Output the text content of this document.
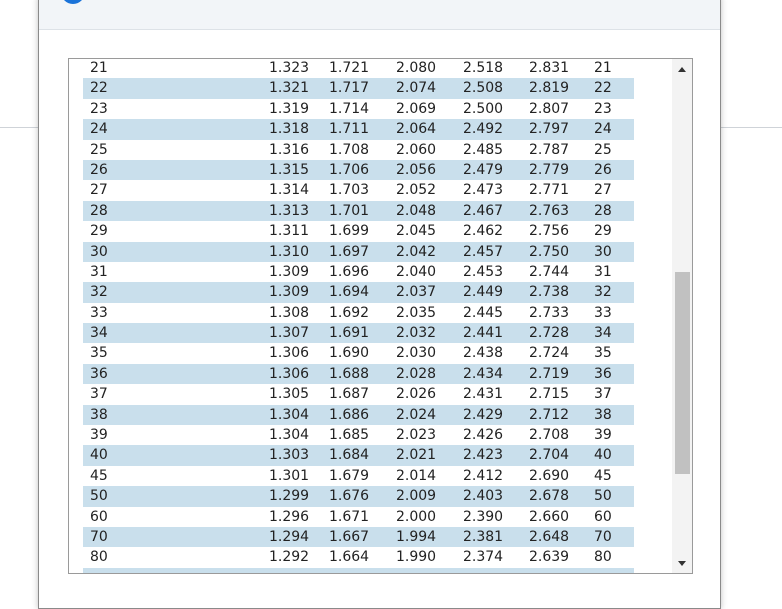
21	1.323 1.721 2.080 2.518 2.831 21
22	1.321 1.717 2.074 2.508 2.819 22
23	1.319 1.714 2.069 2.500 2.807 23
24	1.318 1.711 2.064 2.492 2.797 24
25	1.316 1.708 2.060 2.485 2.787 25
26	1.315 1.706 2.056 2.479 2.779 26
27	1.314 1.703 2.052 2.473 2.771 27
28	1.313 1.701 2.048 2.467 2.763 28
29	1.311 1.699 2.045 2.462 2.756 29
30	1.310 1.697 2.042 2.457 2.750 30
31	1.309 1.696 2.040 2.453 2.744 31
32	1.309 1.694 2.037 2.449 2.738 32
33	1.308 1.692 2.035 2.445 2.733 33
34	1.307 1.691 2.032 2.441 2.728 34
35	1.306 1.690 2.030 2.438 2.724 35
36	1.306 1.688 2.028 2.434 2.719 36
37	1.305 1.687 2.026 2.431 2.715 37
38	1.304 1.686 2.024 2.429 2.712 38
39	1.304 1.685 2.023 2.426 2.708 39
40	1.303 1.684 2.021 2.423 2.704 40
45	1.301 1.679 2.014 2.412 2.690 45
50	1.299 1.676 2.009 2.403 2.678 50
60	1.296 1.671 2.000 2.390 2.660 60
70	1.294 1.667 1.994 2.381 2.648 70
80	1.292 1.664 1.990 2.374 2.639 80
